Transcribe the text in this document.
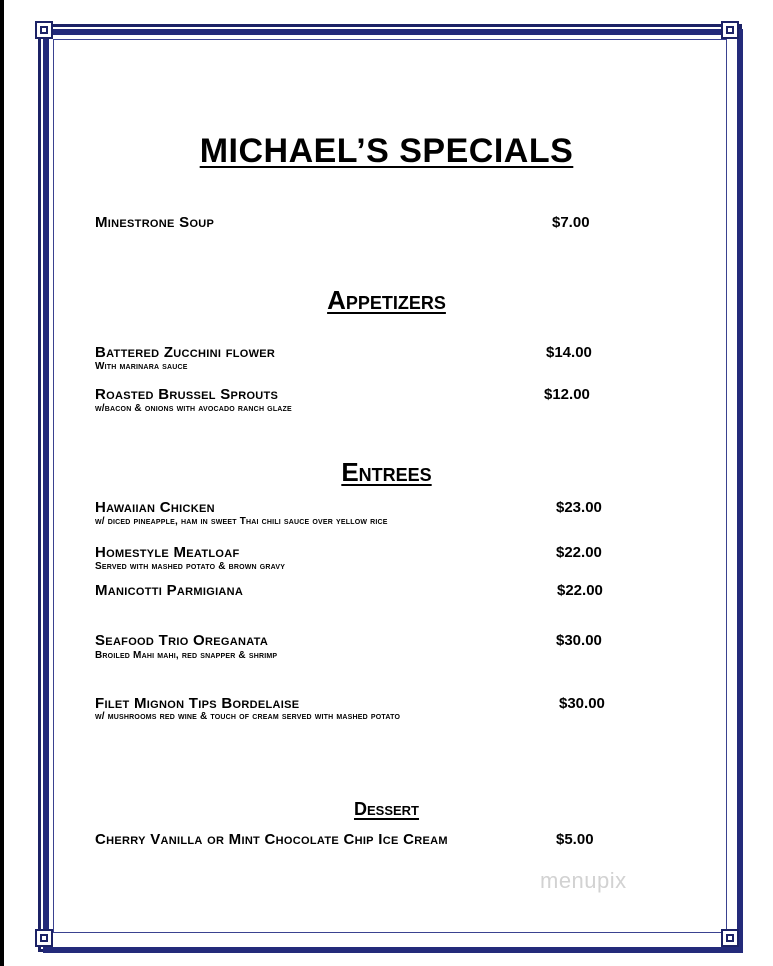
MICHAEL’S SPECIALS
Minestrone Soup	$7.00
Appetizers
Battered Zucchini flower
With marinara sauce
$14.00
Roasted Brussel Sprouts
w/bacon & onions with avocado ranch glaze
$12.00
Entrees
Hawaiian Chicken
w/ diced pineapple, ham in sweet Thai chili sauce over yellow rice
$23.00
Homestyle Meatloaf
Served with mashed potato & brown gravy
$22.00
Manicotti Parmigiana	$22.00
Seafood Trio Oreganata
Broiled Mahi mahi, red snapper & shrimp
$30.00
Filet Mignon Tips Bordelaise
w/ mushrooms red wine & touch of cream served with mashed potato
$30.00
Dessert
Cherry Vanilla or Mint Chocolate Chip Ice Cream	$5.00
menupix
